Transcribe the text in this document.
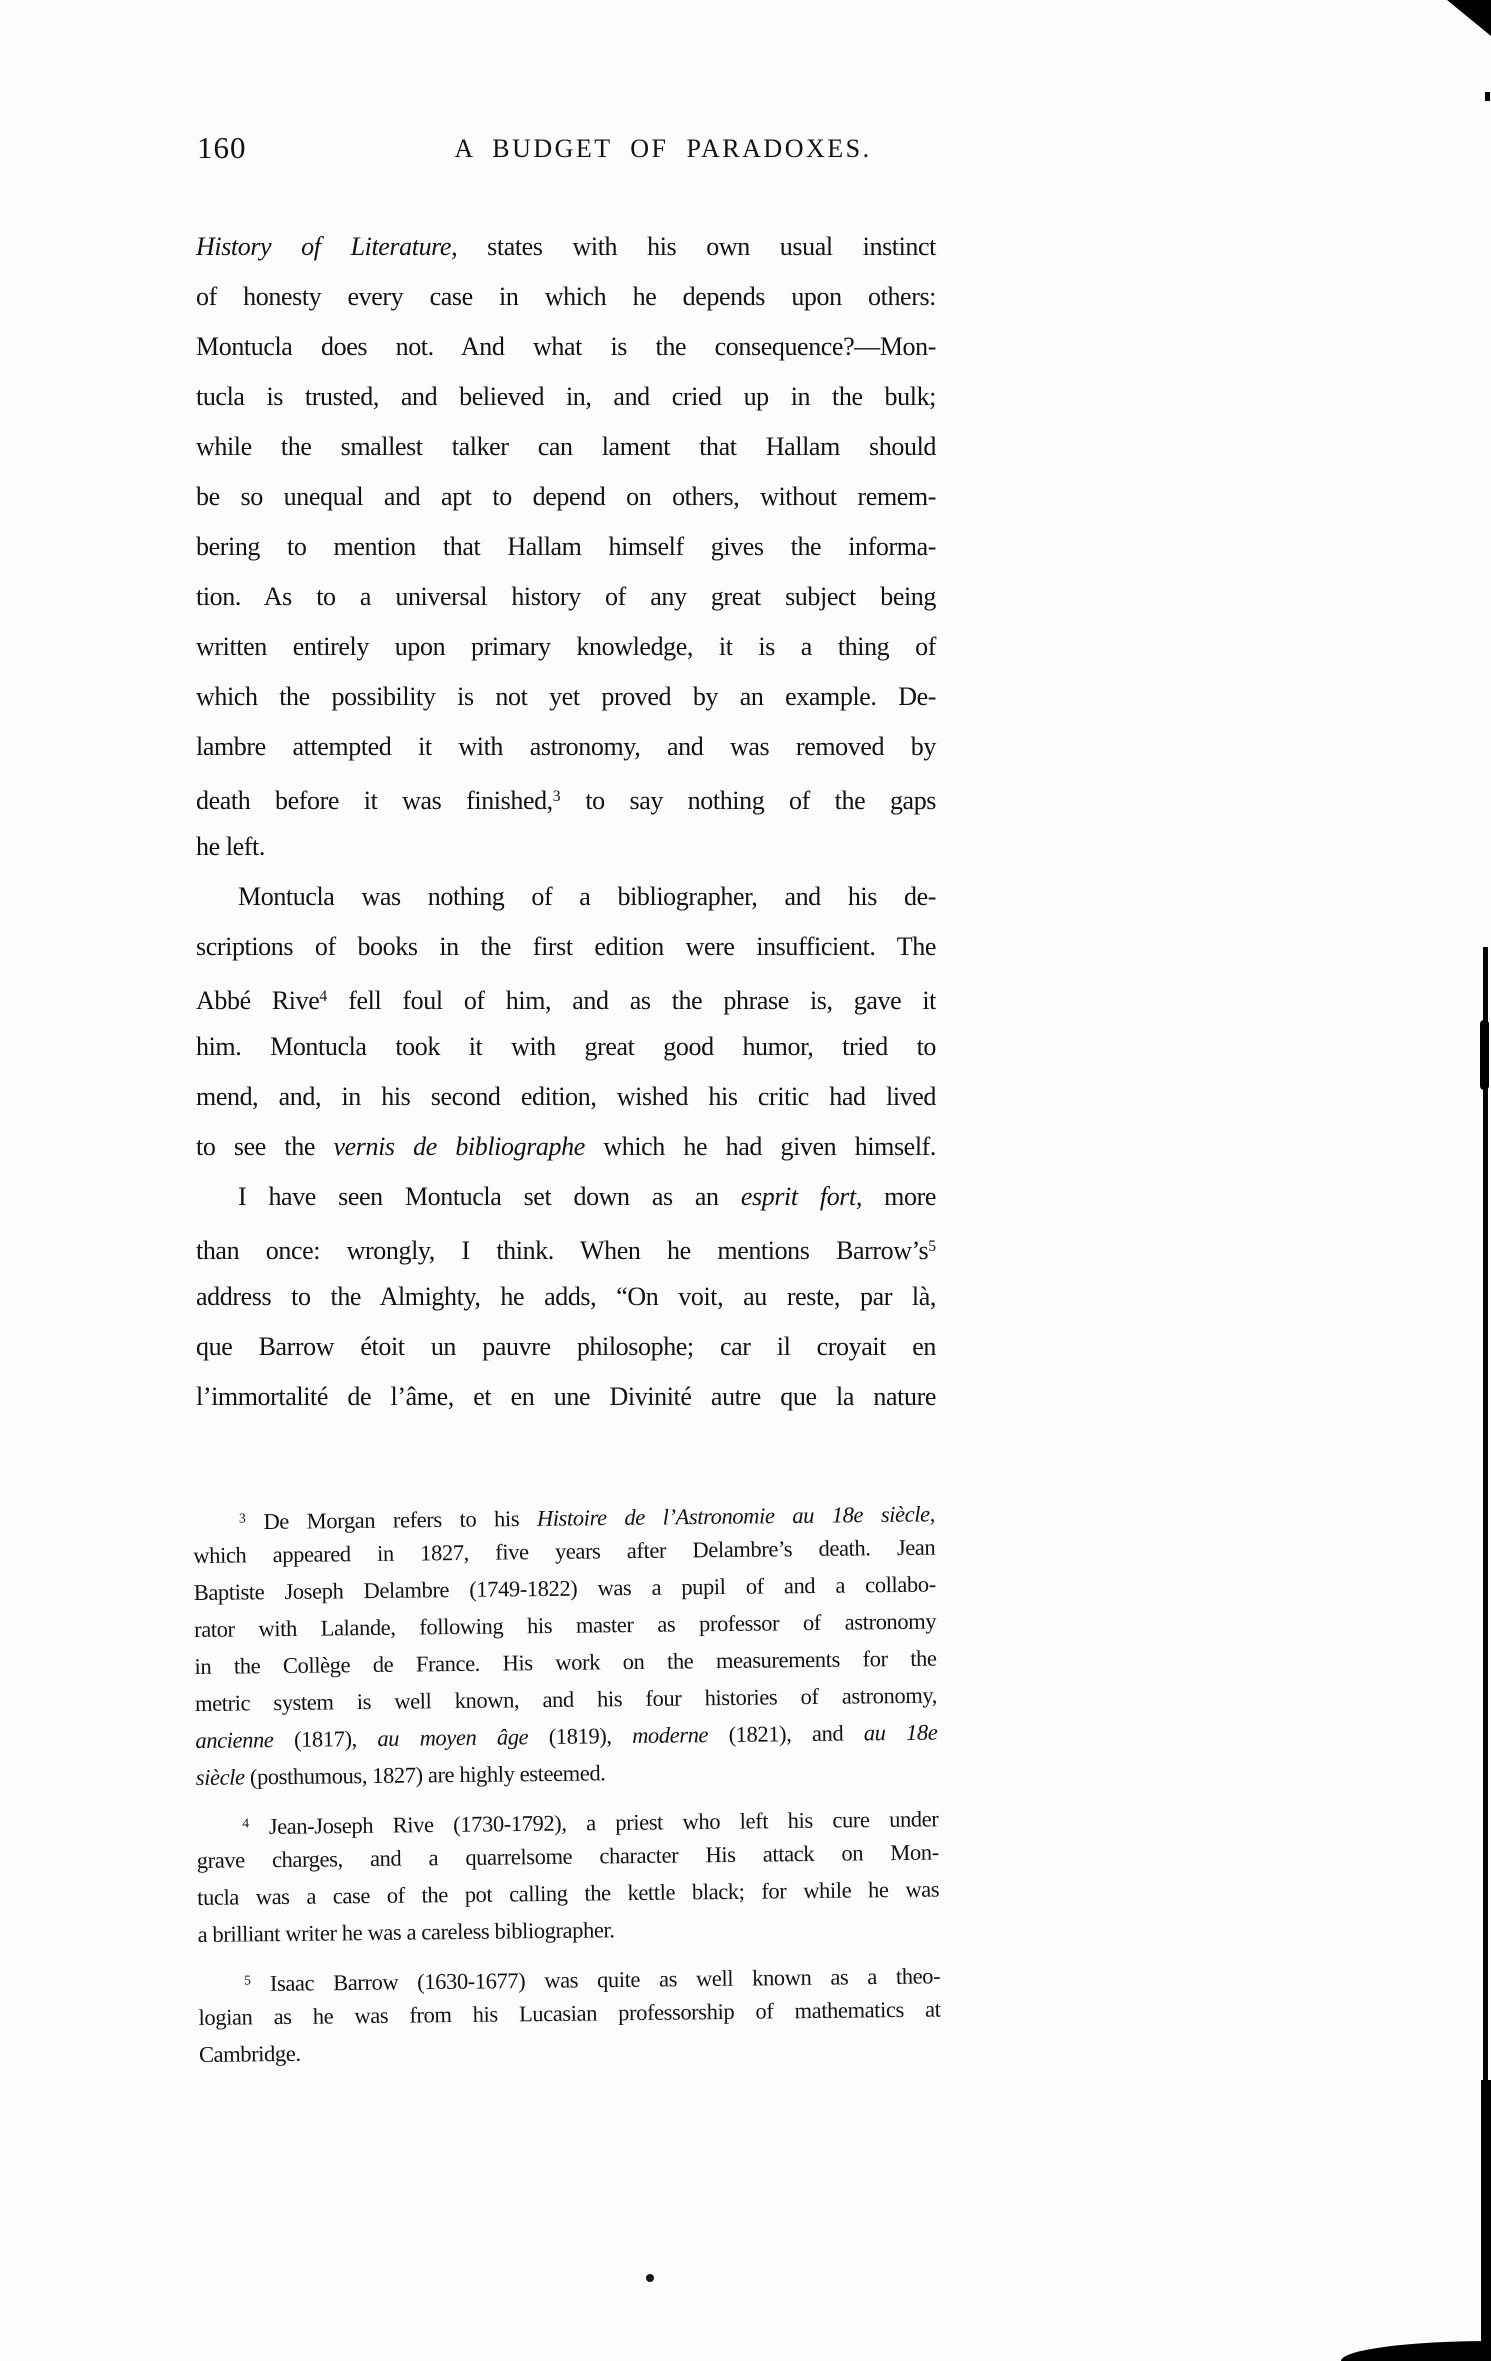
160	A BUDGET OF PARADOXES.
History of Literature, states with his own usual instinct
of honesty every case in which he depends upon others:
Montucla does not. And what is the consequence?—Mon-
tucla is trusted, and believed in, and cried up in the bulk;
while the smallest talker can lament that Hallam should
be so unequal and apt to depend on others, without remem-
bering to mention that Hallam himself gives the informa-
tion. As to a universal history of any great subject being
written entirely upon primary knowledge, it is a thing of
which the possibility is not yet proved by an example. De-
lambre attempted it with astronomy, and was removed by
death before it was finished,$^3$ to say nothing of the gaps
he left.
Montucla was nothing of a bibliographer, and his de-
scriptions of books in the first edition were insufficient. The
Abbé Rive$^4$ fell foul of him, and as the phrase is, gave it
him. Montucla took it with great good humor, tried to
mend, and, in his second edition, wished his critic had lived
to see the vernis de bibliographe which he had given himself.
I have seen Montucla set down as an esprit fort, more
than once: wrongly, I think. When he mentions $Barrow’s^5$
address to the Almighty, he adds, “On voit, au reste, par là,
que Barrow étoit un pauvre philosophe; car il croyait en
l’immortalité de l’âme, et en une Divinité autre que la nature
$^3$ De Morgan refers to his Histoire de l’Astronomie au 18e siècle,
which appeared in 1827, five years after Delambre’s death. Jean
Baptiste Joseph Delambre (1749-1822) was a pupil of and a collabo-
rator with Lalande, following his master as professor of astronomy
in the Collège de France. His work on the measurements for the
metric system is well known, and his four histories of astronomy,
ancienne (1817), au moyen âge (1819), moderne (1821), and au 18e
siècle (posthumous, 1827) are highly esteemed.
$^4$ Jean-Joseph Rive (1730-1792), a priest who left his cure under
grave charges, and a quarrelsome character His attack on Mon-
tucla was a case of the pot calling the kettle black; for while he was
a brilliant writer he was a careless bibliographer.
$^5$ Isaac Barrow (1630-1677) was quite as well known as a theo-
logian as he was from his Lucasian professorship of mathematics at
Cambridge.
